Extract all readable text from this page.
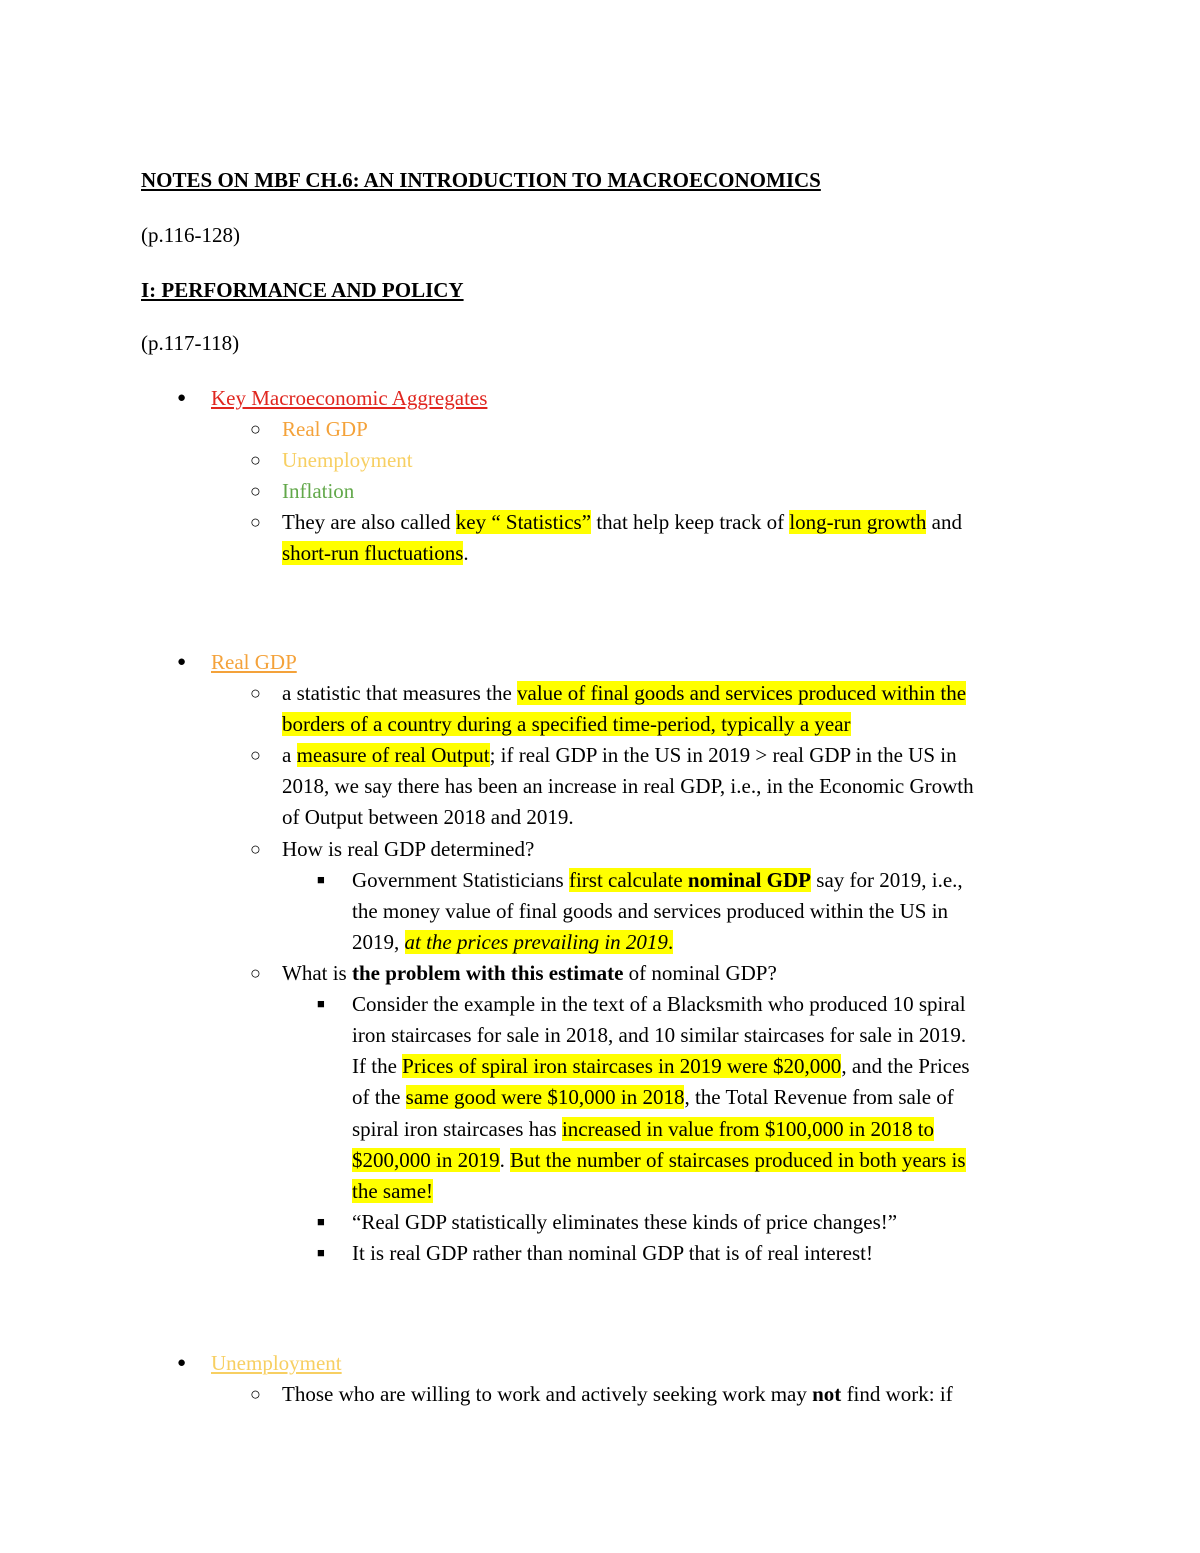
NOTES ON MBF CH.6: AN INTRODUCTION TO MACROECONOMICS
(p.116-128)
I: PERFORMANCE AND POLICY
(p.117-118)
● Key Macroeconomic Aggregates
○ Real GDP
○ Unemployment
○ Inflation
○ They are also called key “ Statistics” that help keep track of long-run growth and
short-run fluctuations.
● Real GDP
○ a statistic that measures the value of final goods and services produced within the
borders of a country during a specified time-period, typically a year
○ a measure of real Output; if real GDP in the US in 2019 > real GDP in the US in
2018, we say there has been an increase in real GDP, i.e., in the Economic Growth
of Output between 2018 and 2019.
○ How is real GDP determined?
■ Government Statisticians first calculate nominal GDP say for 2019, i.e.,
the money value of final goods and services produced within the US in
2019, at the prices prevailing in 2019.
○ What is the problem with this estimate of nominal GDP?
■ Consider the example in the text of a Blacksmith who produced 10 spiral
iron staircases for sale in 2018, and 10 similar staircases for sale in 2019.
If the Prices of spiral iron staircases in 2019 were $20,000, and the Prices
of the same good were $10,000 in 2018, the Total Revenue from sale of
spiral iron staircases has increased in value from $100,000 in 2018 to
$200,000 in 2019. But the number of staircases produced in both years is
the same!
■ “Real GDP statistically eliminates these kinds of price changes!”
■ It is real GDP rather than nominal GDP that is of real interest!
● Unemployment
○ Those who are willing to work and actively seeking work may not find work: if
